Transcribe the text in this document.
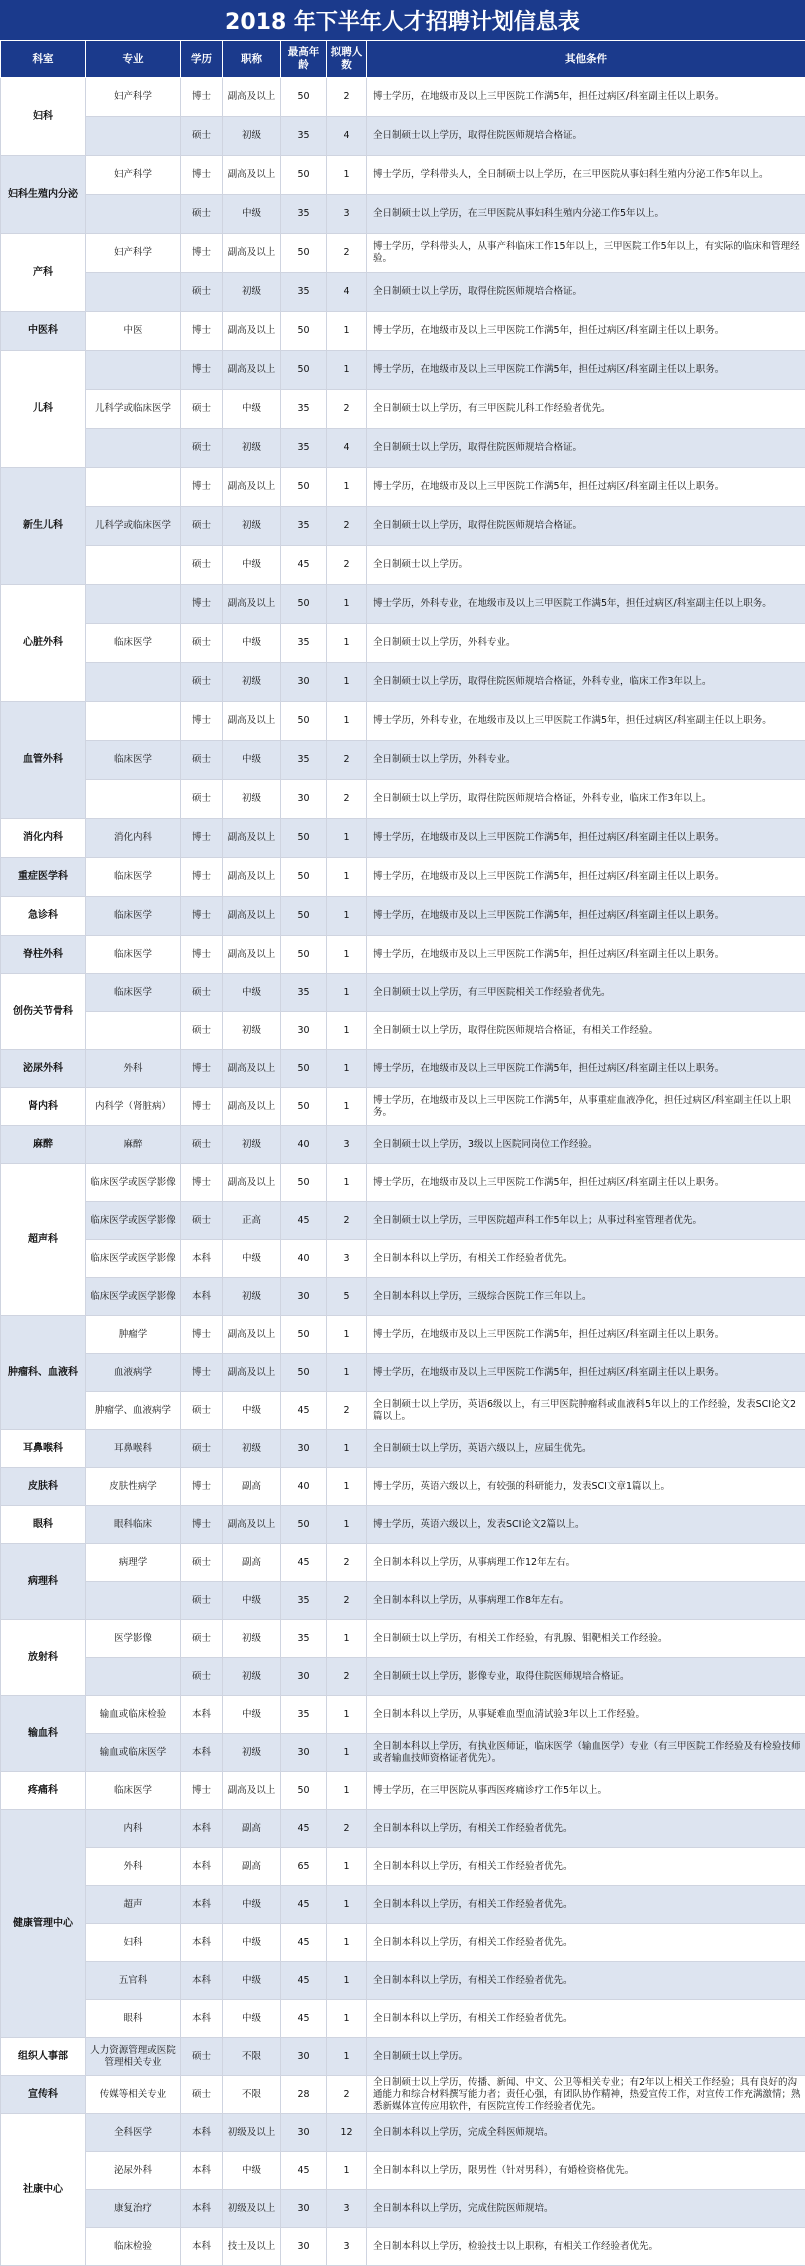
2018 年下半年人才招聘计划信息表
科室	专业	学历	职称	最高年龄	拟聘人数	其他条件
妇科	妇产科学	博士	副高及以上	50	2	博士学历，在地级市及以上三甲医院工作满5年，担任过病区/科室副主任以上职务。
		硕士	初级	35	4	全日制硕士以上学历，取得住院医师规培合格证。
妇科生殖内分泌	妇产科学	博士	副高及以上	50	1	博士学历，学科带头人，全日制硕士以上学历，在三甲医院从事妇科生殖内分泌工作5年以上。
		硕士	中级	35	3	全日制硕士以上学历，在三甲医院从事妇科生殖内分泌工作5年以上。
产科	妇产科学	博士	副高及以上	50	2	博士学历，学科带头人，从事产科临床工作15年以上，三甲医院工作5年以上，有实际的临床和管理经验。
		硕士	初级	35	4	全日制硕士以上学历，取得住院医师规培合格证。
中医科	中医	博士	副高及以上	50	1	博士学历，在地级市及以上三甲医院工作满5年，担任过病区/科室副主任以上职务。
儿科		博士	副高及以上	50	1	博士学历，在地级市及以上三甲医院工作满5年，担任过病区/科室副主任以上职务。
	儿科学或临床医学	硕士	中级	35	2	全日制硕士以上学历，有三甲医院儿科工作经验者优先。
		硕士	初级	35	4	全日制硕士以上学历，取得住院医师规培合格证。
新生儿科		博士	副高及以上	50	1	博士学历，在地级市及以上三甲医院工作满5年，担任过病区/科室副主任以上职务。
	儿科学或临床医学	硕士	初级	35	2	全日制硕士以上学历，取得住院医师规培合格证。
		硕士	中级	45	2	全日制硕士以上学历。
心脏外科		博士	副高及以上	50	1	博士学历，外科专业，在地级市及以上三甲医院工作满5年，担任过病区/科室副主任以上职务。
	临床医学	硕士	中级	35	1	全日制硕士以上学历，外科专业。
		硕士	初级	30	1	全日制硕士以上学历，取得住院医师规培合格证，外科专业，临床工作3年以上。
血管外科		博士	副高及以上	50	1	博士学历，外科专业，在地级市及以上三甲医院工作满5年，担任过病区/科室副主任以上职务。
	临床医学	硕士	中级	35	2	全日制硕士以上学历，外科专业。
		硕士	初级	30	2	全日制硕士以上学历，取得住院医师规培合格证，外科专业，临床工作3年以上。
消化内科	消化内科	博士	副高及以上	50	1	博士学历，在地级市及以上三甲医院工作满5年，担任过病区/科室副主任以上职务。
重症医学科	临床医学	博士	副高及以上	50	1	博士学历，在地级市及以上三甲医院工作满5年，担任过病区/科室副主任以上职务。
急诊科	临床医学	博士	副高及以上	50	1	博士学历，在地级市及以上三甲医院工作满5年，担任过病区/科室副主任以上职务。
脊柱外科	临床医学	博士	副高及以上	50	1	博士学历，在地级市及以上三甲医院工作满5年，担任过病区/科室副主任以上职务。
创伤关节骨科	临床医学	硕士	中级	35	1	全日制硕士以上学历，有三甲医院相关工作经验者优先。
		硕士	初级	30	1	全日制硕士以上学历，取得住院医师规培合格证，有相关工作经验。
泌尿外科	外科	博士	副高及以上	50	1	博士学历，在地级市及以上三甲医院工作满5年，担任过病区/科室副主任以上职务。
肾内科	内科学（肾脏病）	博士	副高及以上	50	1	博士学历，在地级市及以上三甲医院工作满5年，从事重症血液净化，担任过病区/科室副主任以上职务。
麻醉	麻醉	硕士	初级	40	3	全日制硕士以上学历，3级以上医院同岗位工作经验。
超声科	临床医学或医学影像	博士	副高及以上	50	1	博士学历，在地级市及以上三甲医院工作满5年，担任过病区/科室副主任以上职务。
	临床医学或医学影像	硕士	正高	45	2	全日制硕士以上学历，三甲医院超声科工作5年以上；从事过科室管理者优先。
	临床医学或医学影像	本科	中级	40	3	全日制本科以上学历，有相关工作经验者优先。
	临床医学或医学影像	本科	初级	30	5	全日制本科以上学历，三级综合医院工作三年以上。
肿瘤科、血液科	肿瘤学	博士	副高及以上	50	1	博士学历，在地级市及以上三甲医院工作满5年，担任过病区/科室副主任以上职务。
	血液病学	博士	副高及以上	50	1	博士学历，在地级市及以上三甲医院工作满5年，担任过病区/科室副主任以上职务。
	肿瘤学、血液病学	硕士	中级	45	2	全日制硕士以上学历，英语6级以上，有三甲医院肿瘤科或血液科5年以上的工作经验，发表SCI论文2篇以上。
耳鼻喉科	耳鼻喉科	硕士	初级	30	1	全日制硕士以上学历，英语六级以上，应届生优先。
皮肤科	皮肤性病学	博士	副高	40	1	博士学历，英语六级以上，有较强的科研能力，发表SCI文章1篇以上。
眼科	眼科临床	博士	副高及以上	50	1	博士学历，英语六级以上，发表SCI论文2篇以上。
病理科	病理学	硕士	副高	45	2	全日制本科以上学历，从事病理工作12年左右。
		硕士	中级	35	2	全日制本科以上学历，从事病理工作8年左右。
放射科	医学影像	硕士	初级	35	1	全日制硕士以上学历，有相关工作经验，有乳腺、钼靶相关工作经验。
		硕士	初级	30	2	全日制硕士以上学历，影像专业，取得住院医师规培合格证。
输血科	输血或临床检验	本科	中级	35	1	全日制本科以上学历，从事疑难血型血清试验3年以上工作经验。
	输血或临床医学	本科	初级	30	1	全日制本科以上学历，有执业医师证，临床医学（输血医学）专业（有三甲医院工作经验及有检验技师或者输血技师资格证者优先）。
疼痛科	临床医学	博士	副高及以上	50	1	博士学历，在三甲医院从事西医疼痛诊疗工作5年以上。
健康管理中心	内科	本科	副高	45	2	全日制本科以上学历，有相关工作经验者优先。
	外科	本科	副高	65	1	全日制本科以上学历，有相关工作经验者优先。
	超声	本科	中级	45	1	全日制本科以上学历，有相关工作经验者优先。
	妇科	本科	中级	45	1	全日制本科以上学历，有相关工作经验者优先。
	五官科	本科	中级	45	1	全日制本科以上学历，有相关工作经验者优先。
	眼科	本科	中级	45	1	全日制本科以上学历，有相关工作经验者优先。
组织人事部	人力资源管理或医院管理相关专业	硕士	不限	30	1	全日制硕士以上学历。
宣传科	传媒等相关专业	硕士	不限	28	2	全日制硕士以上学历，传播、新闻、中文、公卫等相关专业；有2年以上相关工作经验；具有良好的沟通能力和综合材料撰写能力者；责任心强，有团队协作精神，热爱宣传工作，对宣传工作充满激情；熟悉新媒体宣传应用软件，有医院宣传工作经验者优先。
社康中心	全科医学	本科	初级及以上	30	12	全日制本科以上学历，完成全科医师规培。
	泌尿外科	本科	中级	45	1	全日制本科以上学历，限男性（针对男科），有婚检资格优先。
	康复治疗	本科	初级及以上	30	3	全日制本科以上学历，完成住院医师规培。
	临床检验	本科	技士及以上	30	3	全日制本科以上学历，检验技士以上职称，有相关工作经验者优先。
